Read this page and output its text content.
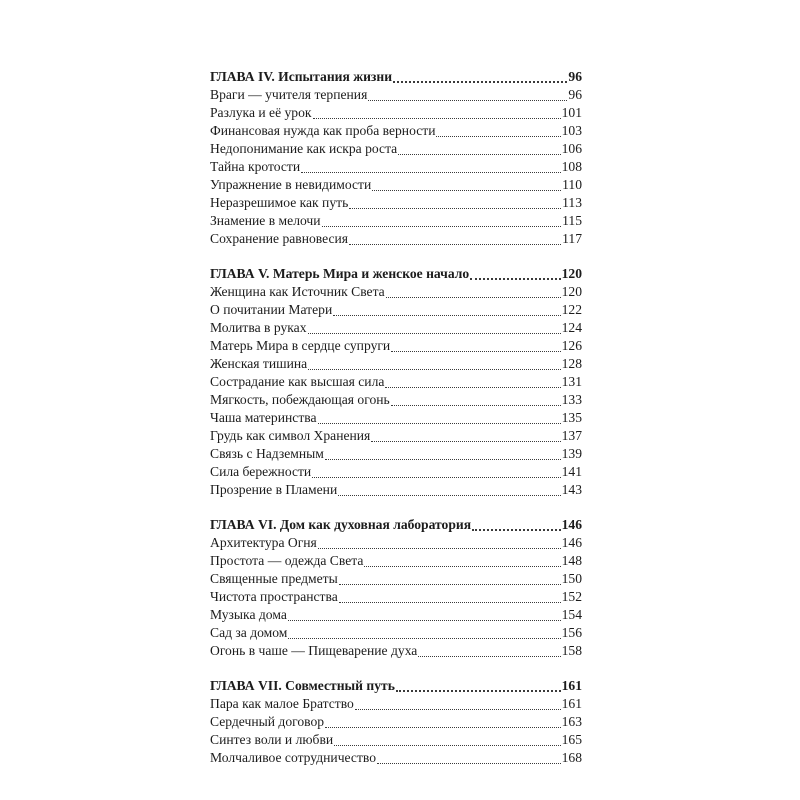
ГЛАВА IV. Испытания жизни	96
Враги — учителя терпения	96
Разлука и её урок	101
Финансовая нужда как проба верности	103
Недопонимание как искра роста	106
Тайна кротости	108
Упражнение в невидимости	110
Неразрешимое как путь	113
Знамение в мелочи	115
Сохранение равновесия	117
ГЛАВА V. Матерь Мира и женское начало	120
Женщина как Источник Света	120
О почитании Матери	122
Молитва в руках	124
Матерь Мира в сердце супруги	126
Женская тишина	128
Сострадание как высшая сила	131
Мягкость, побеждающая огонь	133
Чаша материнства	135
Грудь как символ Хранения	137
Связь с Надземным	139
Сила бережности	141
Прозрение в Пламени	143
ГЛАВА VI. Дом как духовная лаборатория	146
Архитектура Огня	146
Простота — одежда Света	148
Священные предметы	150
Чистота пространства	152
Музыка дома	154
Сад за домом	156
Огонь в чаше — Пищеварение духа	158
ГЛАВА VII. Совместный путь	161
Пара как малое Братство	161
Сердечный договор	163
Синтез воли и любви	165
Молчаливое сотрудничество	168
